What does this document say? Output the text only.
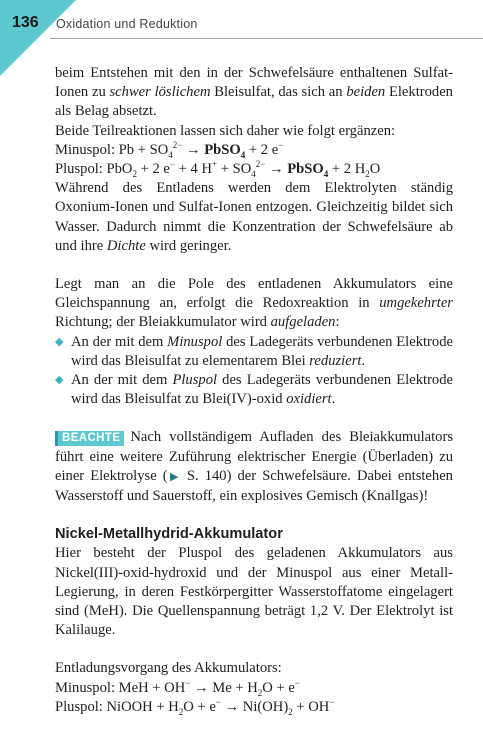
136 Oxidation und Reduktion

beim Entstehen mit den in der Schwefelsäure enthaltenen Sulfat-Ionen zu schwer löslichem Bleisulfat, das sich an beiden Elektroden als Belag absetzt.

Beide Teilreaktionen lassen sich daher wie folgt ergänzen:

Minuspol: $Pb + SO_4^{2-}$ → PbSO$_4$ + 2 e−

Pluspol: PbO$_2$ + 2 e− + 4 $H^+ + SO_4^{2-}$ → PbSO$_4$ + 2 $H_2O$

Während des Entladens werden dem Elektrolyten ständig Oxonium-Ionen und Sulfat-Ionen entzogen. Gleichzeitig bildet sich Wasser. Dadurch nimmt die Konzentration der Schwefelsäure ab und ihre Dichte wird geringer.

Legt man an die Pole des entladenen Akkumulators eine Gleichspannung an, erfolgt die Redoxreaktion in umgekehrter Richtung; der Bleiakkumulator wird aufgeladen:

◆ An der mit dem Minuspol des Ladegeräts verbundenen Elektrode wird das Bleisulfat zu elementarem Blei reduziert.
◆ An der mit dem Pluspol des Ladegeräts verbundenen Elektrode wird das Bleisulfat zu Blei(IV)-oxid oxidiert.

BEACHTE Nach vollständigem Aufladen des Bleiakkumulators führt eine weitere Zuführung elektrischer Energie (Überladen) zu einer Elektrolyse (▶ S. 140) der Schwefelsäure. Dabei entstehen Wasserstoff und Sauerstoff, ein explosives Gemisch (Knallgas)!

Nickel-Metallhydrid-Akkumulator

Hier besteht der Pluspol des geladenen Akkumulators aus Nickel(III)-oxid-hydroxid und der Minuspol aus einer Metall-Legierung, in deren Festkörpergitter Wasserstoffatome eingelagert sind (MeH). Die Quellenspannung beträgt 1,2 V. Der Elektrolyt ist Kalilauge.

Entladungsvorgang des Akkumulators:

Minuspol: MeH + $OH^- \to Me + H_2O + e^-$

Pluspol: NiOOH + $H_2O + e^- \to Ni(OH)_2 + OH^-$
